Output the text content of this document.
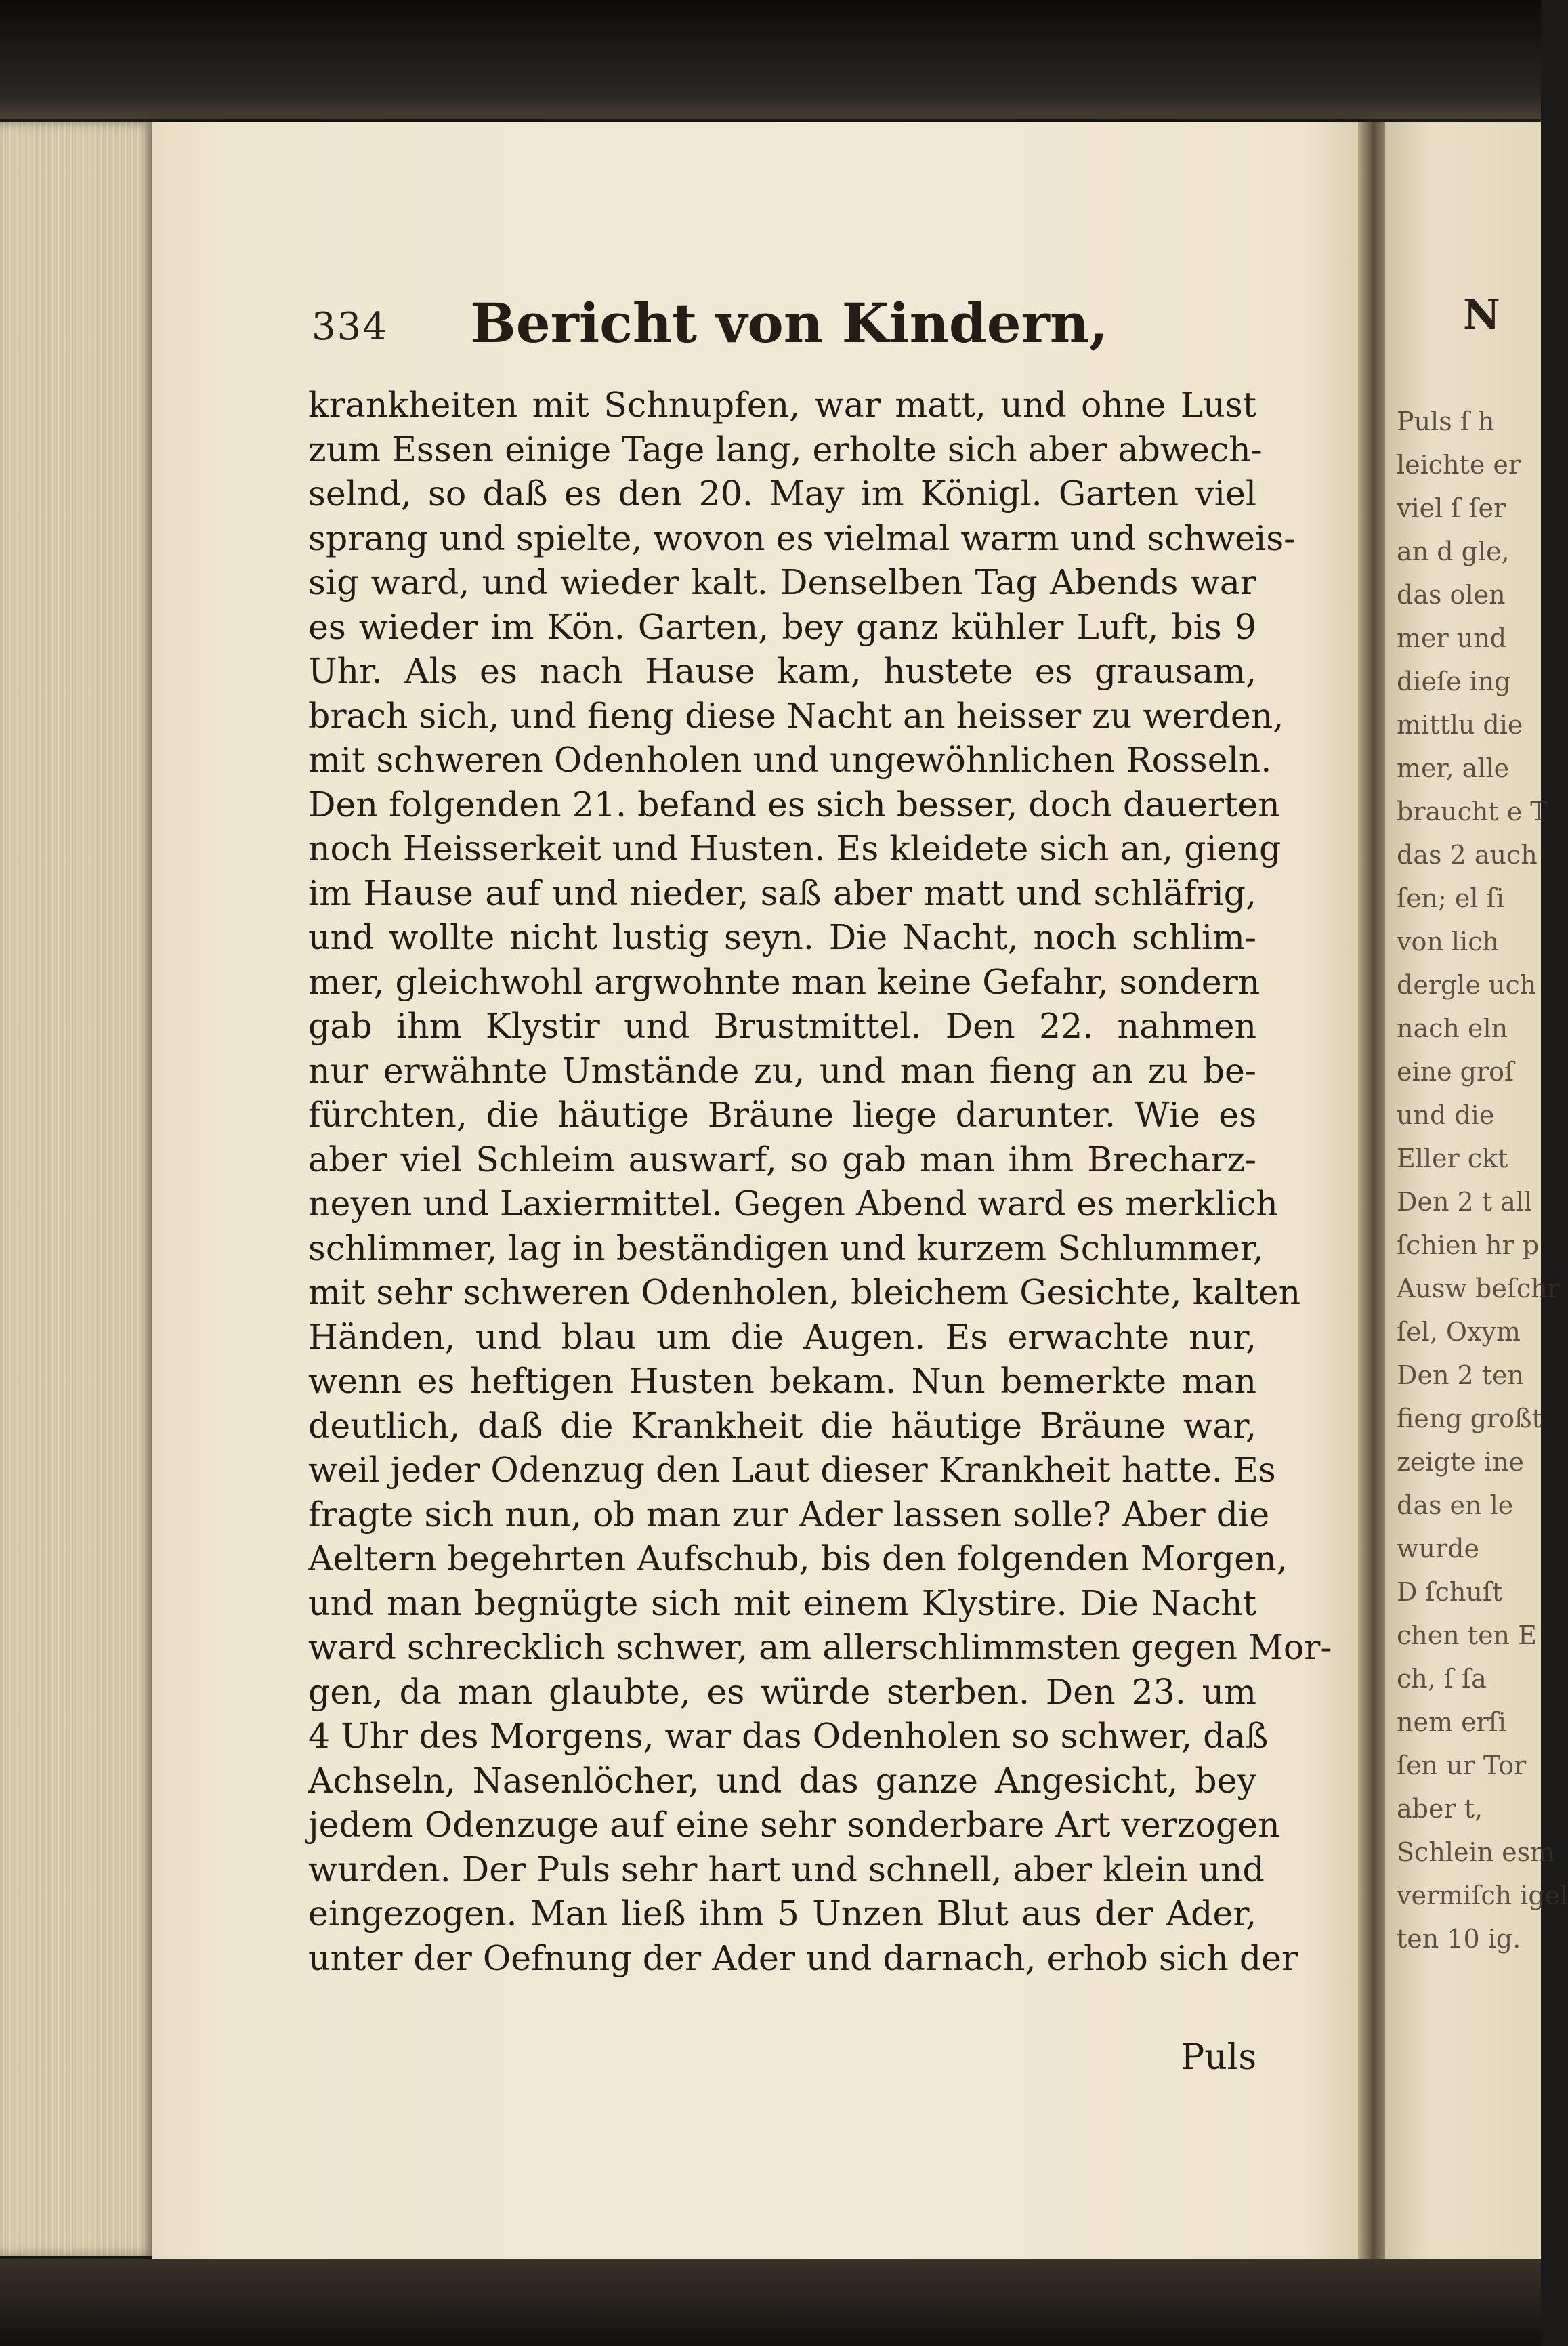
334	Bericht von Kindern,
krankheiten mit Schnupfen, war matt, und ohne Lust
zum Essen einige Tage lang, erholte sich aber abwech-
selnd, so daß es den 20. May im Königl. Garten viel
sprang und spielte, wovon es vielmal warm und schweis-
sig ward, und wieder kalt. Denselben Tag Abends war
es wieder im Kön. Garten, bey ganz kühler Luft, bis 9
Uhr. Als es nach Hause kam, hustete es grausam,
brach sich, und fieng diese Nacht an heisser zu werden,
mit schweren Odenholen und ungewöhnlichen Rosseln.
Den folgenden 21. befand es sich besser, doch dauerten
noch Heisserkeit und Husten. Es kleidete sich an, gieng
im Hause auf und nieder, saß aber matt und schläfrig,
und wollte nicht lustig seyn. Die Nacht, noch schlim-
mer, gleichwohl argwohnte man keine Gefahr, sondern
gab ihm Klystir und Brustmittel. Den 22. nahmen
nur erwähnte Umstände zu, und man fieng an zu be-
fürchten, die häutige Bräune liege darunter. Wie es
aber viel Schleim auswarf, so gab man ihm Brecharz-
neyen und Laxiermittel. Gegen Abend ward es merklich
schlimmer, lag in beständigen und kurzem Schlummer,
mit sehr schweren Odenholen, bleichem Gesichte, kalten
Händen, und blau um die Augen. Es erwachte nur,
wenn es heftigen Husten bekam. Nun bemerkte man
deutlich, daß die Krankheit die häutige Bräune war,
weil jeder Odenzug den Laut dieser Krankheit hatte. Es
fragte sich nun, ob man zur Ader lassen solle? Aber die
Aeltern begehrten Aufschub, bis den folgenden Morgen,
und man begnügte sich mit einem Klystire. Die Nacht
ward schrecklich schwer, am allerschlimmsten gegen Mor-
gen, da man glaubte, es würde sterben. Den 23. um
4 Uhr des Morgens, war das Odenholen so schwer, daß
Achseln, Nasenlöcher, und das ganze Angesicht, bey
jedem Odenzuge auf eine sehr sonderbare Art verzogen
wurden. Der Puls sehr hart und schnell, aber klein und
eingezogen. Man ließ ihm 5 Unzen Blut aus der Ader,
unter der Oefnung der Ader und darnach, erhob sich der
Puls
N
Puls ſ h
leichte er
viel ſ ſer
an d gle,
das olen
mer und
dieſe ing
mittlu die
mer, alle
braucht e T
das 2 auch
ſen; el ſi
von lich
dergle uch
nach eln
eine groſ
und die
Eller ckt
Den 2 t all
ſchien hr p
Ausw beſchr
ſel, Oxym
Den 2 ten
fieng großt
zeigte ine
das en le
wurde
D ſchuſt
chen ten E
ch, ſ ſa
nem erſi
ſen ur Tor
aber t,
Schlein esm
vermiſch igel
ten 10 ig.
